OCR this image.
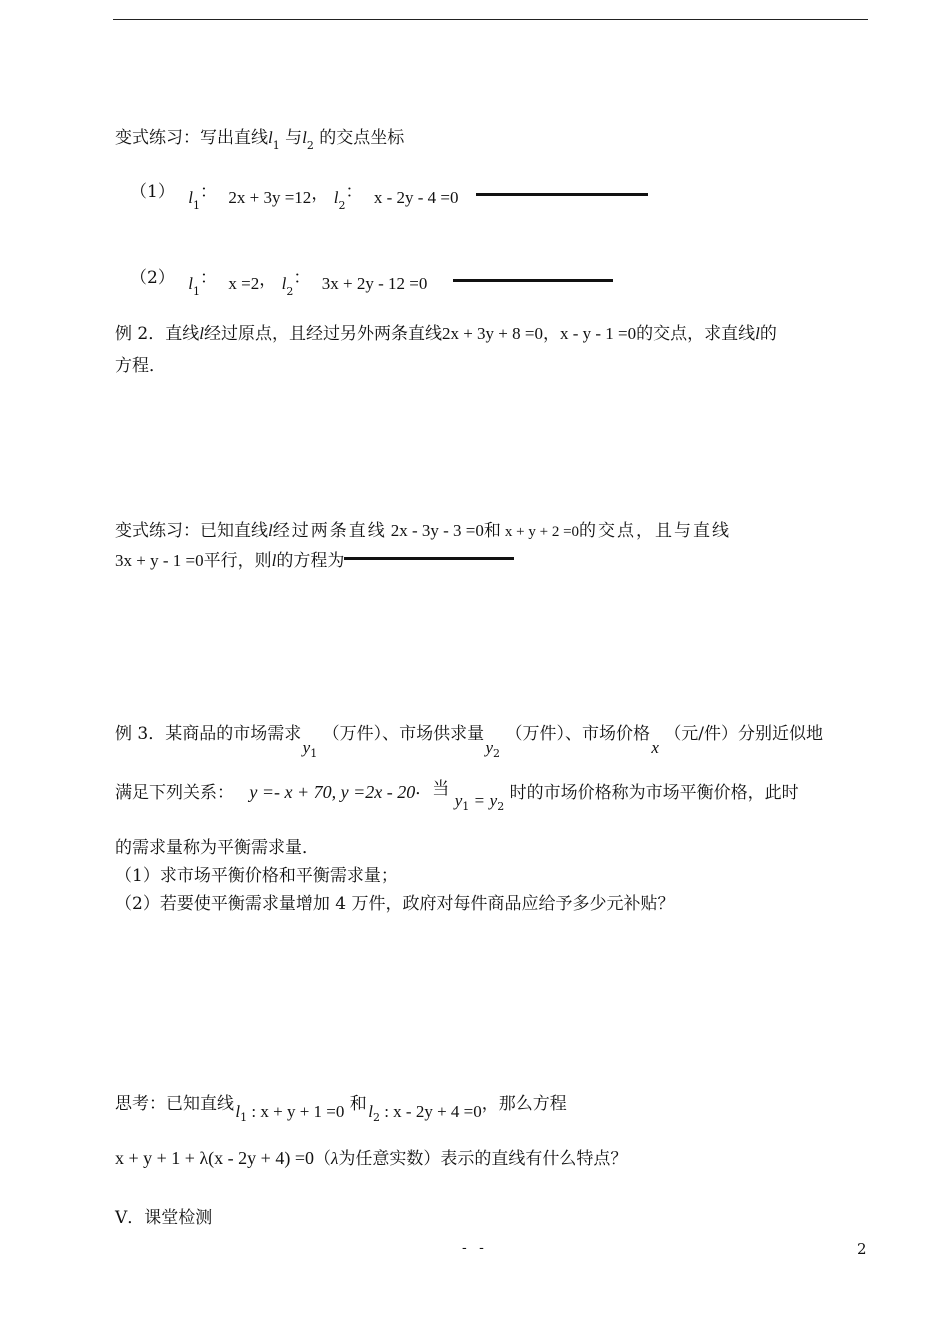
变式练习：写出直线$l_1$ 与$l_2$ 的交点坐标
（1） $l_1$： 2x + 3y =12， $l_2$： x - 2y - 4 =0
（2） $l_1$： x =2， $l_2$： 3x + 2y - 12 =0
例 2．直线l经过原点，且经过另外两条直线2x + 3y + 8 =0，x - y - 1 =0的交点，求直线l的
方程．
变式练习：已知直线l经过两条直线 2x - 3y - 3 =0和 x + y + 2 =0的交点，且与直线
3x + y - 1 =0平行，则l的方程为
例 3．某商品的市场需求 $y_1$ （万件）、市场供求量 $y_2$ （万件）、市场价格 x （元/件）分别近似地
满足下列关系： y =- x + 70, y =2x - 20．当 $y_1 = y_2$ 时的市场价格称为市场平衡价格，此时
的需求量称为平衡需求量．
（1）求市场平衡价格和平衡需求量；
（2）若要使平衡需求量增加 4 万件，政府对每件商品应给予多少元补贴？
思考：已知直线 $l_1$ : x + y + 1 =0 和 $l_2$ : x - 2y + 4 =0，那么方程
x + y + 1 + λ(x - 2y + 4) =0（λ为任意实数）表示的直线有什么特点？
V．课堂检测
- -	2
